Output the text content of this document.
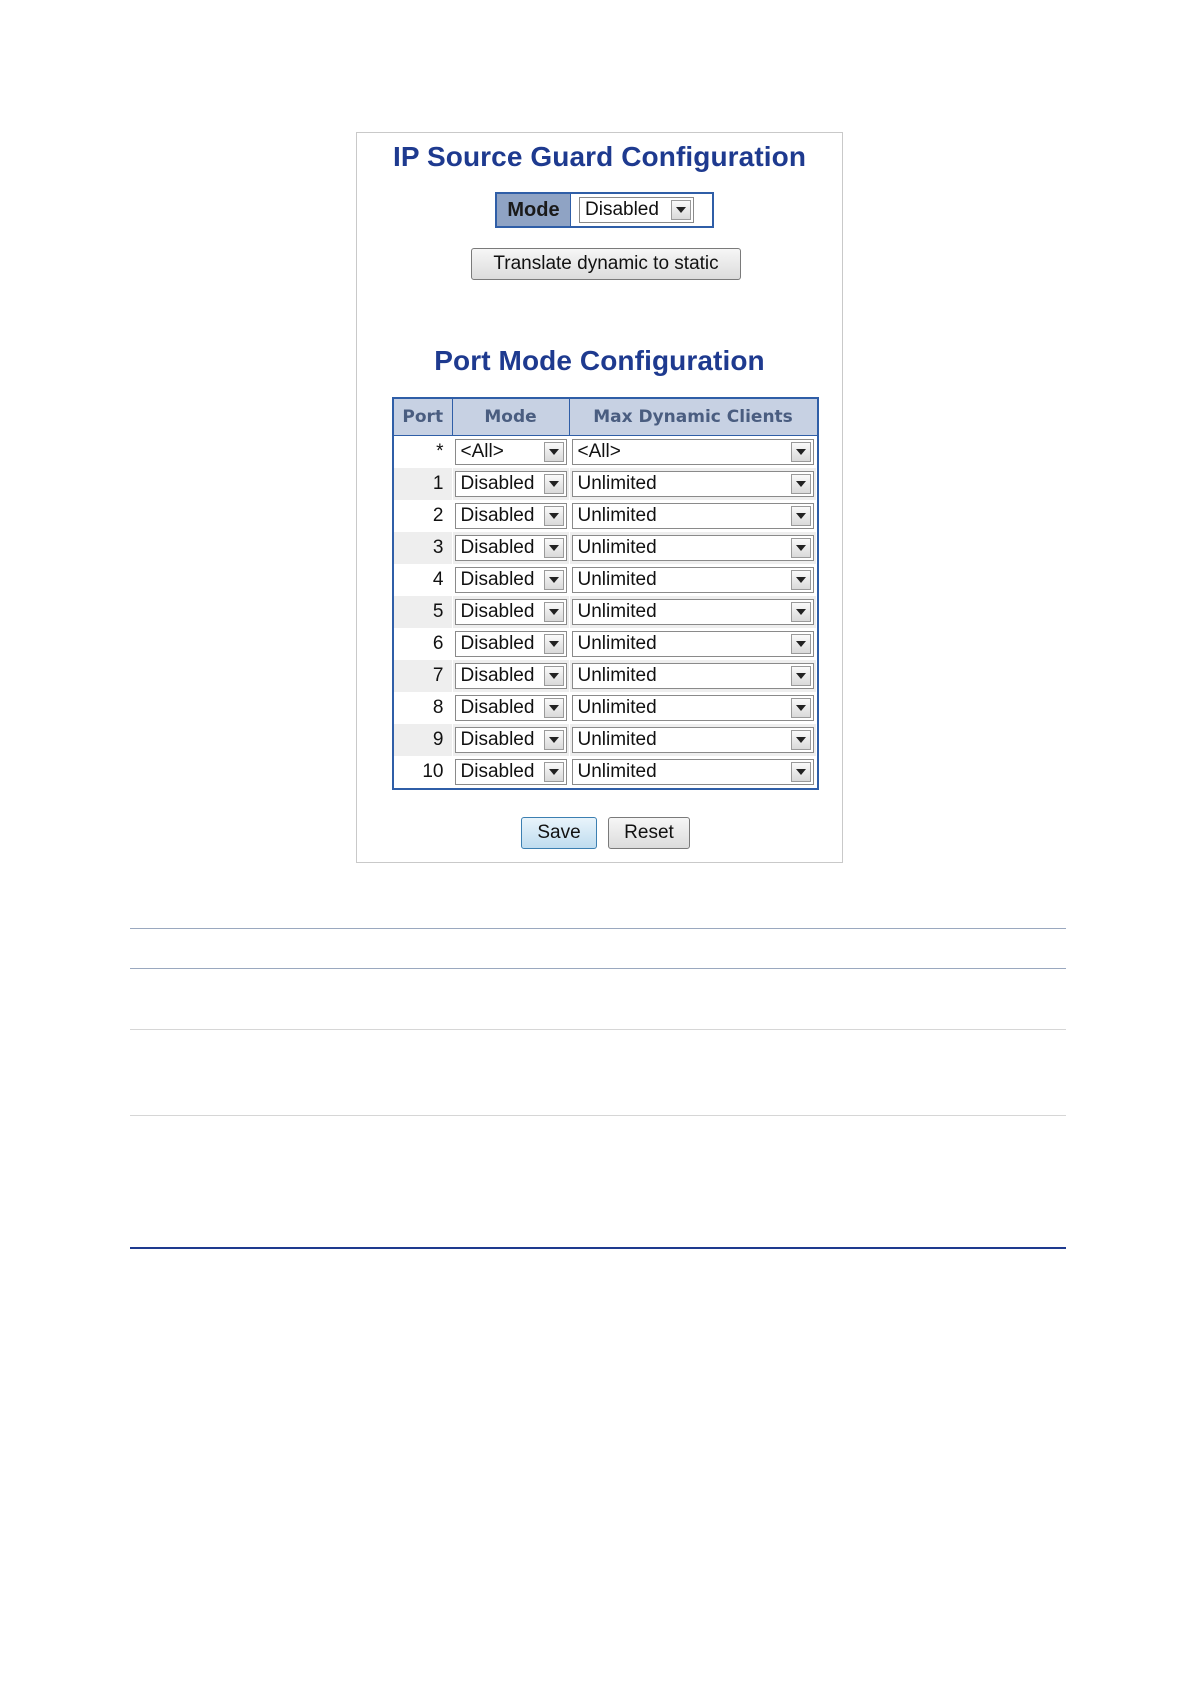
IP Source Guard Configuration
Mode	Disabled
Translate dynamic to static
Port Mode Configuration
Port	Mode	Max Dynamic Clients
*	<All>	<All>

1	Disabled	Unlimited

2	Disabled	Unlimited

3	Disabled	Unlimited

4	Disabled	Unlimited

5	Disabled	Unlimited

6	Disabled	Unlimited

7	Disabled	Unlimited

8	Disabled	Unlimited

9	Disabled	Unlimited

10	Disabled	Unlimited
Save	Reset
